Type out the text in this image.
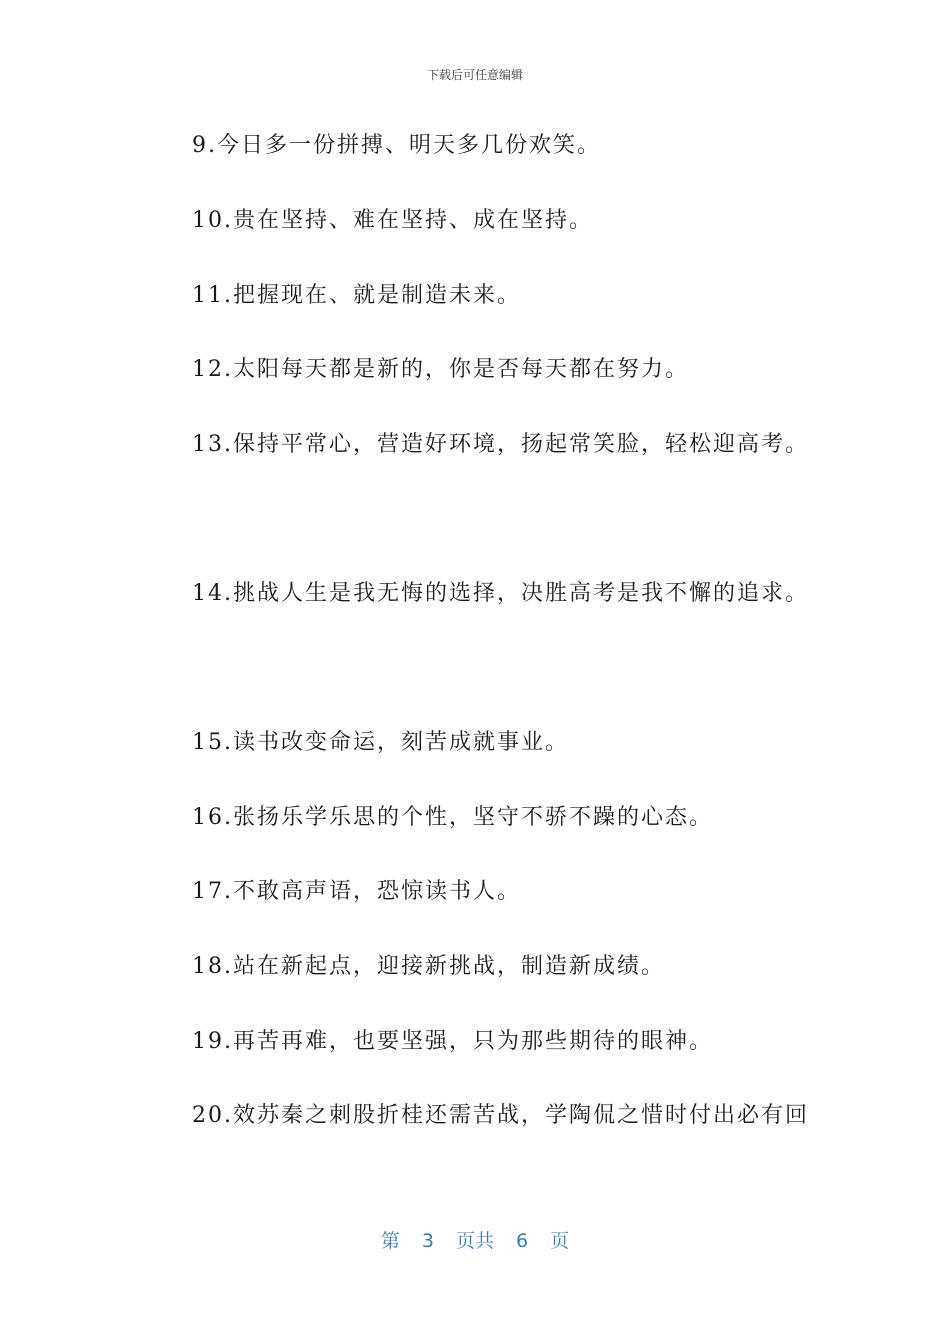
下载后可任意编辑
9.今日多一份拼搏、明天多几份欢笑。
10.贵在坚持、难在坚持、成在坚持。
11.把握现在、就是制造未来。
12.太阳每天都是新的，你是否每天都在努力。
13.保持平常心，营造好环境，扬起常笑脸，轻松迎高考。
14.挑战人生是我无悔的选择，决胜高考是我不懈的追求。
15.读书改变命运，刻苦成就事业。
16.张扬乐学乐思的个性，坚守不骄不躁的心态。
17.不敢高声语，恐惊读书人。
18.站在新起点，迎接新挑战，制造新成绩。
19.再苦再难，也要坚强，只为那些期待的眼神。
20.效苏秦之刺股折桂还需苦战，学陶侃之惜时付出必有回
第 3 页共 6 页
